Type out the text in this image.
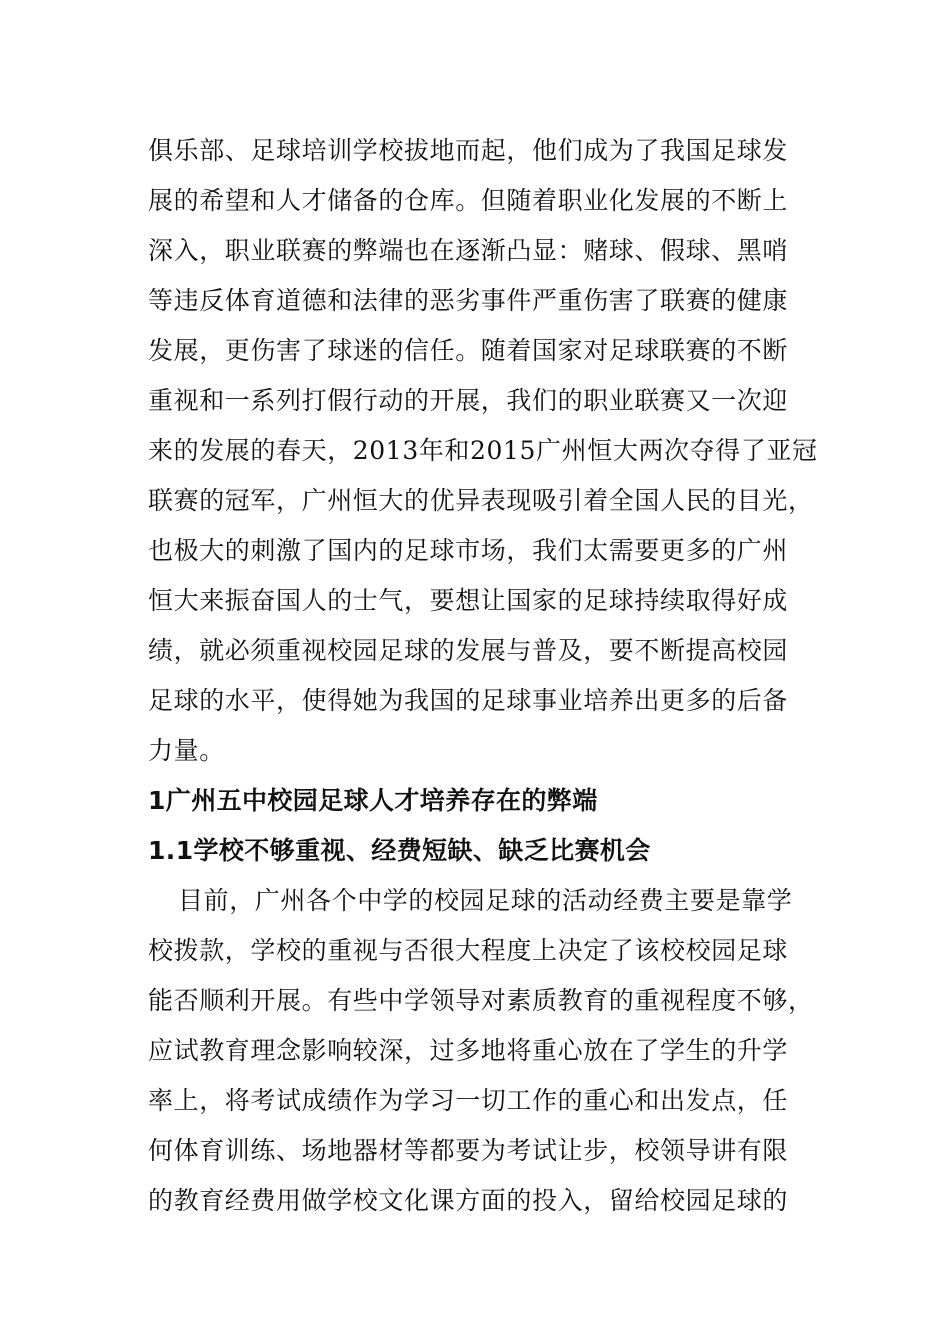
俱乐部、足球培训学校拔地而起，他们成为了我国足球发
展的希望和人才储备的仓库。但随着职业化发展的不断上
深入，职业联赛的弊端也在逐渐凸显：赌球、假球、黑哨
等违反体育道德和法律的恶劣事件严重伤害了联赛的健康
发展，更伤害了球迷的信任。随着国家对足球联赛的不断
重视和一系列打假行动的开展，我们的职业联赛又一次迎
来的发展的春天，2013年和2015广州恒大两次夺得了亚冠
联赛的冠军，广州恒大的优异表现吸引着全国人民的目光，
也极大的刺激了国内的足球市场，我们太需要更多的广州
恒大来振奋国人的士气，要想让国家的足球持续取得好成
绩，就必须重视校园足球的发展与普及，要不断提高校园
足球的水平，使得她为我国的足球事业培养出更多的后备
力量。
1广州五中校园足球人才培养存在的弊端
1.1学校不够重视、经费短缺、缺乏比赛机会
目前，广州各个中学的校园足球的活动经费主要是靠学
校拨款，学校的重视与否很大程度上决定了该校校园足球
能否顺利开展。有些中学领导对素质教育的重视程度不够，
应试教育理念影响较深，过多地将重心放在了学生的升学
率上，将考试成绩作为学习一切工作的重心和出发点，任
何体育训练、场地器材等都要为考试让步，校领导讲有限
的教育经费用做学校文化课方面的投入，留给校园足球的
